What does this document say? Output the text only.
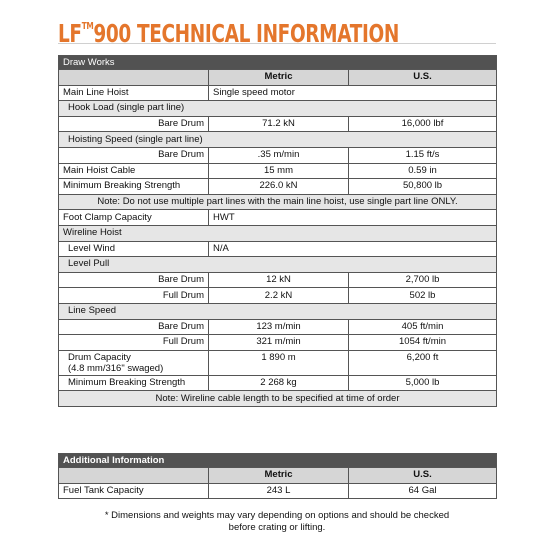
LF™900 TECHNICAL INFORMATION
Draw Works		
	Metric	U.S.
Main Line Hoist	Single speed motor	
Hook Load (single part line)		
Bare Drum	71.2 kN	16,000 lbf
Hoisting Speed (single part line)		
Bare Drum	.35 m/min	1.15 ft/s
Main Hoist Cable	15 mm	0.59 in
Minimum Breaking Strength	226.0 kN	50,800 lb
Note: Do not use multiple part lines with the main line hoist, use single part line ONLY.		
Foot Clamp Capacity	HWT	
Wireline Hoist		
Level Wind	N/A	
Level Pull		
Bare Drum	12 kN	2,700 lb
Full Drum	2.2 kN	502 lb
Line Speed		
Bare Drum	123 m/min	405 ft/min
Full Drum	321 m/min	1054 ft/min
Drum Capacity
(4.8 mm/316" swaged)	1 890 m	6,200 ft
Minimum Breaking Strength	2 268 kg	5,000 lb
Note: Wireline cable length to be specified at time of order		
Additional Information		
	Metric	U.S.
Fuel Tank Capacity	243 L	64 Gal
* Dimensions and weights may vary depending on options and should be checked
before crating or lifting.
